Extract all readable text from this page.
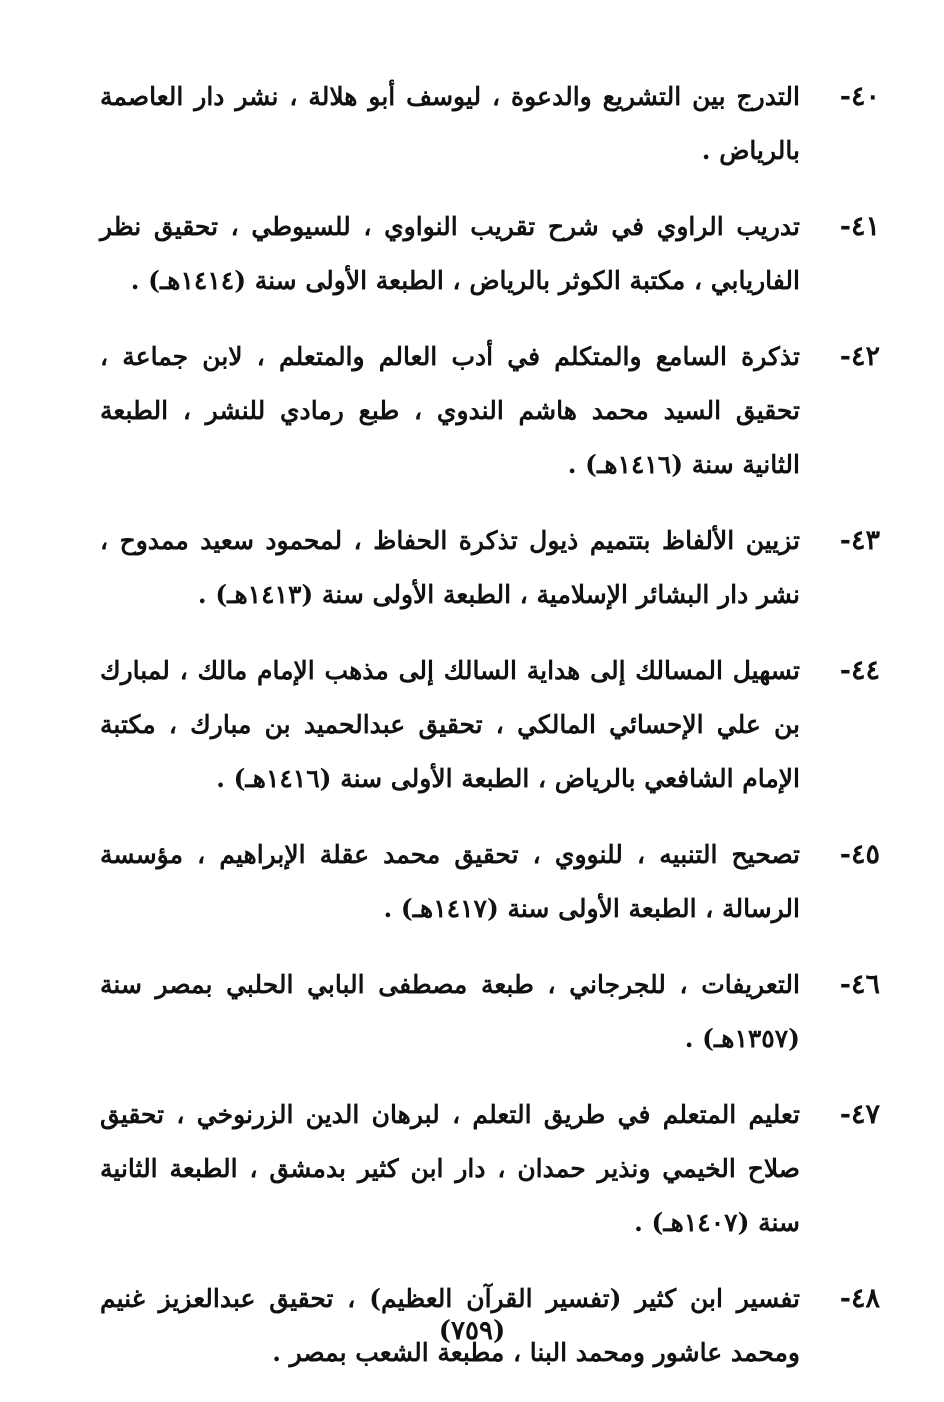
٤٠-
التدرج بين التشريع والدعوة ، ليوسف أبو هلالة ، نشر دار العاصمة بالرياض .
٤١-
تدريب الراوي في شرح تقريب النواوي ، للسيوطي ، تحقيق نظر الفاريابي ، مكتبة الكوثر بالرياض ، الطبعة الأولى سنة (١٤١٤هـ) .
٤٢-
تذكرة السامع والمتكلم في أدب العالم والمتعلم ، لابن جماعة ، تحقيق السيد محمد هاشم الندوي ، طبع رمادي للنشر ، الطبعة الثانية سنة (١٤١٦هـ) .
٤٣-
تزيين الألفاظ بتتميم ذيول تذكرة الحفاظ ، لمحمود سعيد ممدوح ، نشر دار البشائر الإسلامية ، الطبعة الأولى سنة (١٤١٣هـ) .
٤٤-
تسهيل المسالك إلى هداية السالك إلى مذهب الإمام مالك ، لمبارك بن علي الإحسائي المالكي ، تحقيق عبدالحميد بن مبارك ، مكتبة الإمام الشافعي بالرياض ، الطبعة الأولى سنة (١٤١٦هـ) .
٤٥-
تصحيح التنبيه ، للنووي ، تحقيق محمد عقلة الإبراهيم ، مؤسسة الرسالة ، الطبعة الأولى سنة (١٤١٧هـ) .
٤٦-
التعريفات ، للجرجاني ، طبعة مصطفى البابي الحلبي بمصر سنة (١٣٥٧هـ) .
٤٧-
تعليم المتعلم في طريق التعلم ، لبرهان الدين الزرنوخي ، تحقيق صلاح الخيمي ونذير حمدان ، دار ابن كثير بدمشق ، الطبعة الثانية سنة (١٤٠٧هـ) .
٤٨-
تفسير ابن كثير (تفسير القرآن العظيم) ، تحقيق عبدالعزيز غنيم ومحمد عاشور ومحمد البنا ، مطبعة الشعب بمصر .
(٧٥٩)
